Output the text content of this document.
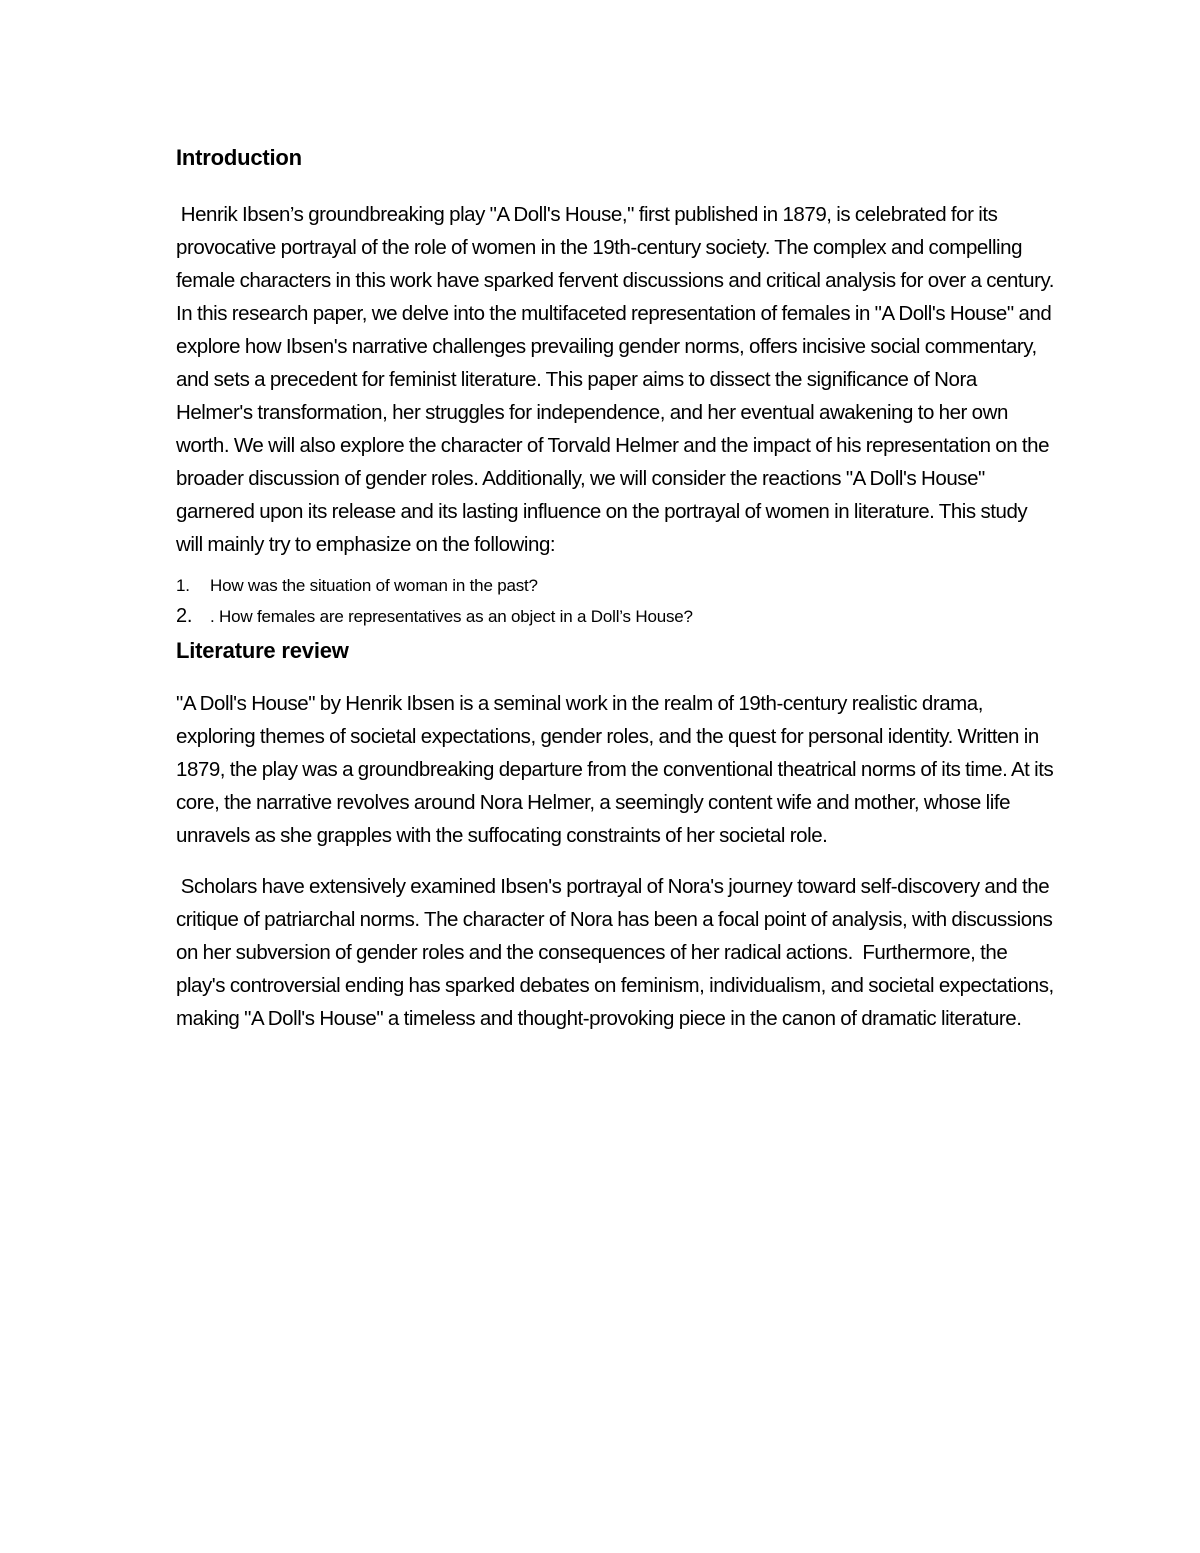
Introduction

Henrik Ibsen’s groundbreaking play "A Doll's House," first published in 1879, is celebrated for its provocative portrayal of the role of women in the 19th-century society. The complex and compelling female characters in this work have sparked fervent discussions and critical analysis for over a century. In this research paper, we delve into the multifaceted representation of females in "A Doll's House" and explore how Ibsen's narrative challenges prevailing gender norms, offers incisive social commentary, and sets a precedent for feminist literature. This paper aims to dissect the significance of Nora Helmer's transformation, her struggles for independence, and her eventual awakening to her own worth. We will also explore the character of Torvald Helmer and the impact of his representation on the broader discussion of gender roles. Additionally, we will consider the reactions "A Doll's House" garnered upon its release and its lasting influence on the portrayal of women in literature. This study will mainly try to emphasize on the following:

1.	How was the situation of woman in the past?
2.	. How females are representatives as an object in a Doll’s House?
Literature review

"A Doll's House" by Henrik Ibsen is a seminal work in the realm of 19th-century realistic drama, exploring themes of societal expectations, gender roles, and the quest for personal identity. Written in 1879, the play was a groundbreaking departure from the conventional theatrical norms of its time. At its core, the narrative revolves around Nora Helmer, a seemingly content wife and mother, whose life unravels as she grapples with the suffocating constraints of her societal role.

Scholars have extensively examined Ibsen's portrayal of Nora's journey toward self-discovery and the critique of patriarchal norms. The character of Nora has been a focal point of analysis, with discussions on her subversion of gender roles and the consequences of her radical actions.  Furthermore, the play's controversial ending has sparked debates on feminism, individualism, and societal expectations, making "A Doll's House" a timeless and thought-provoking piece in the canon of dramatic literature.
